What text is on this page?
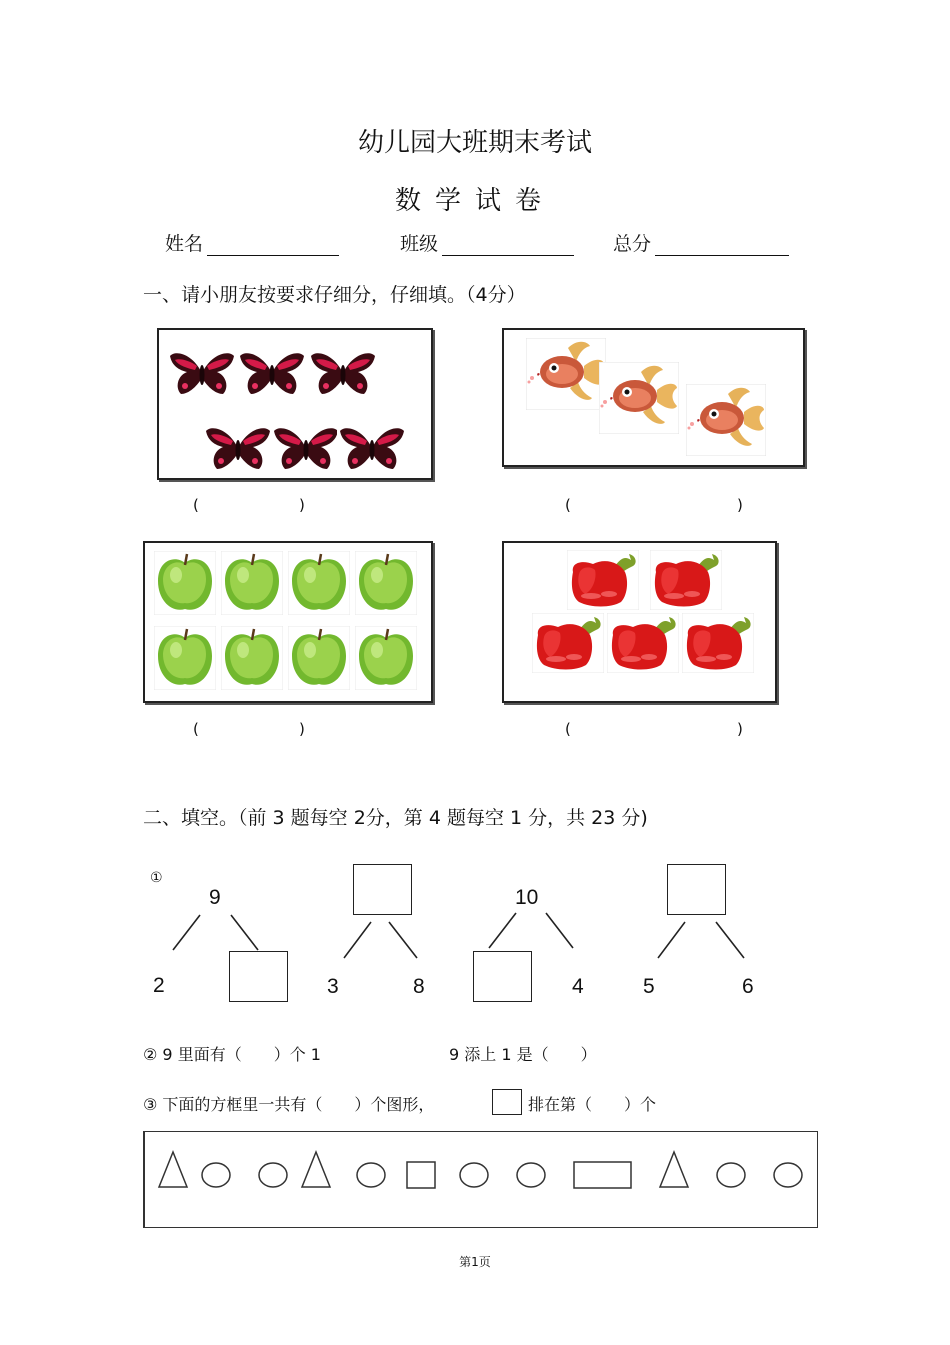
幼儿园大班期末考试
数学试卷
姓名	班级	总分
一、请小朋友按要求仔细分，仔细填。（4分）
(	)	(	)
(	)	(	)
二、填空。（前 3 题每空 2分，第 4 题每空 1 分，共 23 分)
①
9
2	3	8
10
4	5	6
② 9 里面有（　　）个 1	9 添上 1 是（　　）
③ 下面的方框里一共有（　　）个图形，	排在第（　　）个
第1页
